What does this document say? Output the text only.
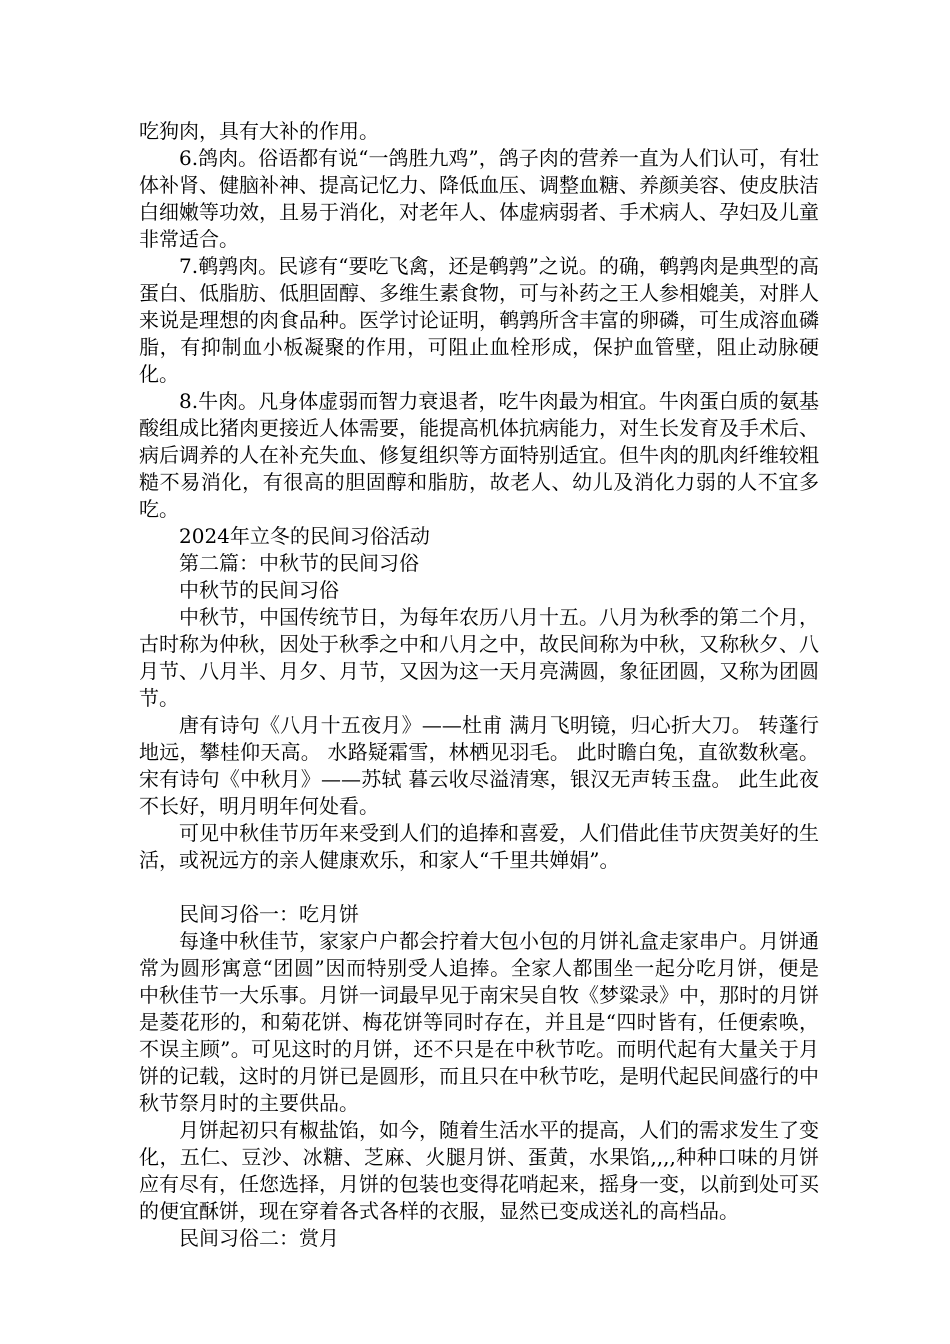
吃狗肉，具有大补的作用。

6.鸽肉。俗语都有说“一鸽胜九鸡”，鸽子肉的营养一直为人们认可，有壮体补肾、健脑补神、提高记忆力、降低血压、调整血糖、养颜美容、使皮肤洁白细嫩等功效，且易于消化，对老年人、体虚病弱者、手术病人、孕妇及儿童非常适合。

7.鹌鹑肉。民谚有“要吃飞禽，还是鹌鹑”之说。的确，鹌鹑肉是典型的高蛋白、低脂肪、低胆固醇、多维生素食物，可与补药之王人参相媲美，对胖人来说是理想的肉食品种。医学讨论证明，鹌鹑所含丰富的卵磷，可生成溶血磷脂，有抑制血小板凝聚的作用，可阻止血栓形成，保护血管壁，阻止动脉硬化。

8.牛肉。凡身体虚弱而智力衰退者，吃牛肉最为相宜。牛肉蛋白质的氨基酸组成比猪肉更接近人体需要，能提高机体抗病能力，对生长发育及手术后、病后调养的人在补充失血、修复组织等方面特别适宜。但牛肉的肌肉纤维较粗糙不易消化，有很高的胆固醇和脂肪，故老人、幼儿及消化力弱的人不宜多吃。

2024年立冬的民间习俗活动

第二篇：中秋节的民间习俗

中秋节的民间习俗

中秋节，中国传统节日，为每年农历八月十五。八月为秋季的第二个月，古时称为仲秋，因处于秋季之中和八月之中，故民间称为中秋，又称秋夕、八月节、八月半、月夕、月节，又因为这一天月亮满圆，象征团圆，又称为团圆节。

唐有诗句《八月十五夜月》——杜甫 满月飞明镜，归心折大刀。 转蓬行地远，攀桂仰天高。 水路疑霜雪，林栖见羽毛。 此时瞻白兔，直欲数秋毫。 宋有诗句《中秋月》——苏轼 暮云收尽溢清寒，银汉无声转玉盘。 此生此夜不长好，明月明年何处看。

可见中秋佳节历年来受到人们的追捧和喜爱，人们借此佳节庆贺美好的生活，或祝远方的亲人健康欢乐，和家人“千里共婵娟”。

民间习俗一：吃月饼

每逢中秋佳节，家家户户都会拧着大包小包的月饼礼盒走家串户。月饼通常为圆形寓意“团圆”因而特别受人追捧。全家人都围坐一起分吃月饼，便是中秋佳节一大乐事。月饼一词最早见于南宋吴自牧《梦粱录》中，那时的月饼是菱花形的，和菊花饼、梅花饼等同时存在，并且是“四时皆有，任便索唤，不误主顾”。可见这时的月饼，还不只是在中秋节吃。而明代起有大量关于月饼的记载，这时的月饼已是圆形，而且只在中秋节吃，是明代起民间盛行的中秋节祭月时的主要供品。

月饼起初只有椒盐馅，如今，随着生活水平的提高，人们的需求发生了变化，五仁、豆沙、冰糖、芝麻、火腿月饼、蛋黄，水果馅,,,,种种口味的月饼应有尽有，任您选择，月饼的包装也变得花哨起来，摇身一变，以前到处可买的便宜酥饼，现在穿着各式各样的衣服，显然已变成送礼的高档品。

民间习俗二：赏月
